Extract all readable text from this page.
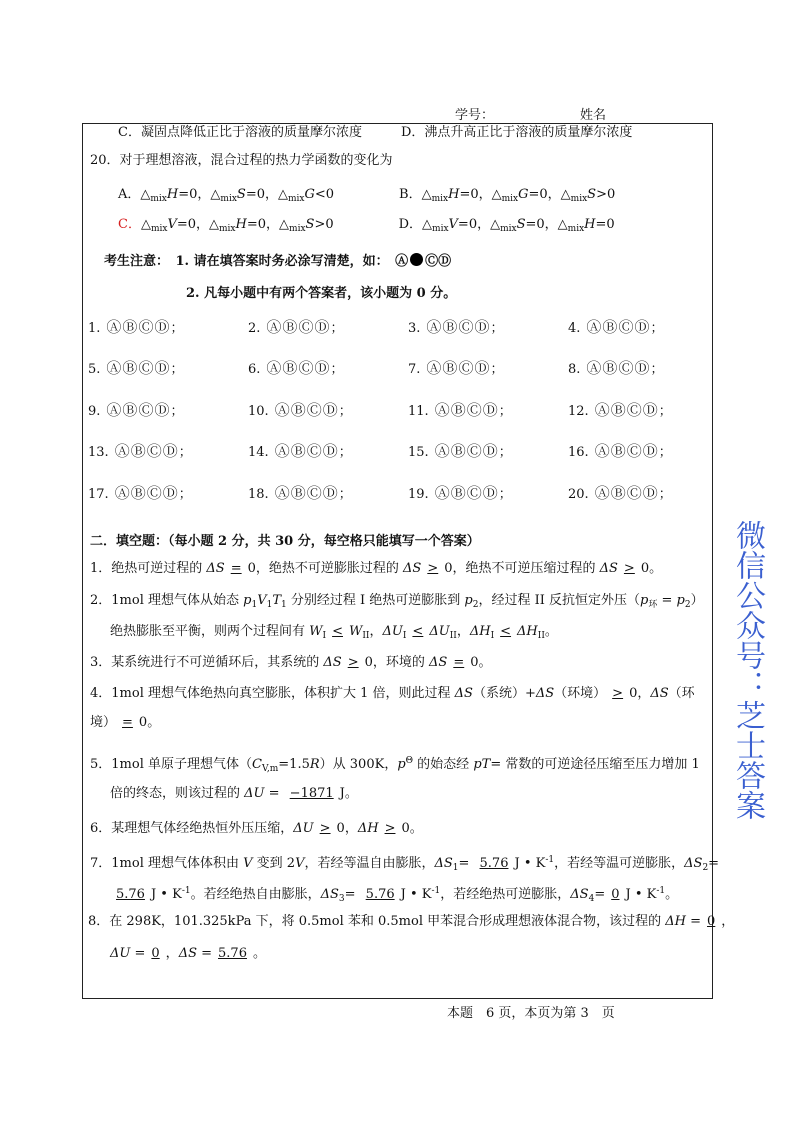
学号：	姓名
C．凝固点降低正比于溶液的质量摩尔浓度　　　D．沸点升高正比于溶液的质量摩尔浓度
20．对于理想溶液，混合过程的热力学函数的变化为
A．$\triangle_{mix}H=0$，$\triangle_{mix}S=0$，$\triangle_{mix}G<0$　　　　　B．$\triangle_{mix}H=0$，$\triangle_{mix}G=0$，$\triangle_{mix}S>0$
C．$\triangle_{mix}V=0$，$\triangle_{mix}H=0$，$\triangle_{mix}S>0$　　　　　D．$\triangle_{mix}V=0$，$\triangle_{mix}S=0$，$\triangle_{mix}H=0$
考生注意：　1. 请在填答案时务必涂写清楚，如：　Ⓐ ⒸⒹ
2. 凡每小题中有两个答案者，该小题为 0 分。
1. ⒶⒷⒸⒹ；	2. ⒶⒷⒸⒹ；	3. ⒶⒷⒸⒹ；	4. ⒶⒷⒸⒹ；
5. ⒶⒷⒸⒹ；	6. ⒶⒷⒸⒹ；	7. ⒶⒷⒸⒹ；	8. ⒶⒷⒸⒹ；
9. ⒶⒷⒸⒹ；	10. ⒶⒷⒸⒹ；	11. ⒶⒷⒸⒹ；	12. ⒶⒷⒸⒹ；
13. ⒶⒷⒸⒹ；	14. ⒶⒷⒸⒹ；	15. ⒶⒷⒸⒹ；	16. ⒶⒷⒸⒹ；
17. ⒶⒷⒸⒹ；	18. ⒶⒷⒸⒹ；	19. ⒶⒷⒸⒹ；	20. ⒶⒷⒸⒹ；
二．填空题：（每小题 2 分，共 30 分，每空格只能填写一个答案）
1．绝热可逆过程的 ΔS=0，绝热不可逆膨胀过程的 ΔS > 0，绝热不可逆压缩过程的 ΔS > 0。
2．1mol 理想气体从始态 $p_1V_1T_1$ 分别经过程 I 绝热可逆膨胀到 $p_2$，经过程 II 反抗恒定外压$(p_环 = p_2)$
绝热膨胀至平衡，则两个过程间有 $W_I<W_{II}$，$\Delta U_I < \Delta U_{II}$，$\Delta H_I<\Delta H_{II}$。
3．某系统进行不可逆循环后，其系统的 ΔS>0，环境的 ΔS=0。
4．1mol 理想气体绝热向真空膨胀，体积扩大 1 倍，则此过程 ΔS（系统）+ΔS（环境）>0，ΔS（环
境）=0。
5．1mol 单原子理想气体$(C_{V,m}=1.5R)$从 300K，$p^\Theta$ 的始态经 pT= 常数的可逆途径压缩至压力增加 1
倍的终态，则该过程的 ΔU = −1871 J。
6．某理想气体经绝热恒外压压缩，ΔU>0，ΔH>0。
7．1mol 理想气体体积由 V 变到 2V，若经等温自由膨胀，$\Delta S_1= 5.76$ J • $K^{-1}$，若经等温可逆膨胀，$\Delta S_2=$
5.76 J • $K^{-1}$。若经绝热自由膨胀，$\Delta S_3= 5.76$ J • $K^{-1}$，若经绝热可逆膨胀，$\Delta S_4=0J$ • $K^{-1}$。
8．在 298K，101.325kPa 下，将 0.5mol 苯和 0.5mol 甲苯混合形成理想液体混合物，该过程的 ΔH =0，
ΔU =0，ΔS =5.76。
微信公众号：芝士答案
本题　6 页，本页为第 3　页
